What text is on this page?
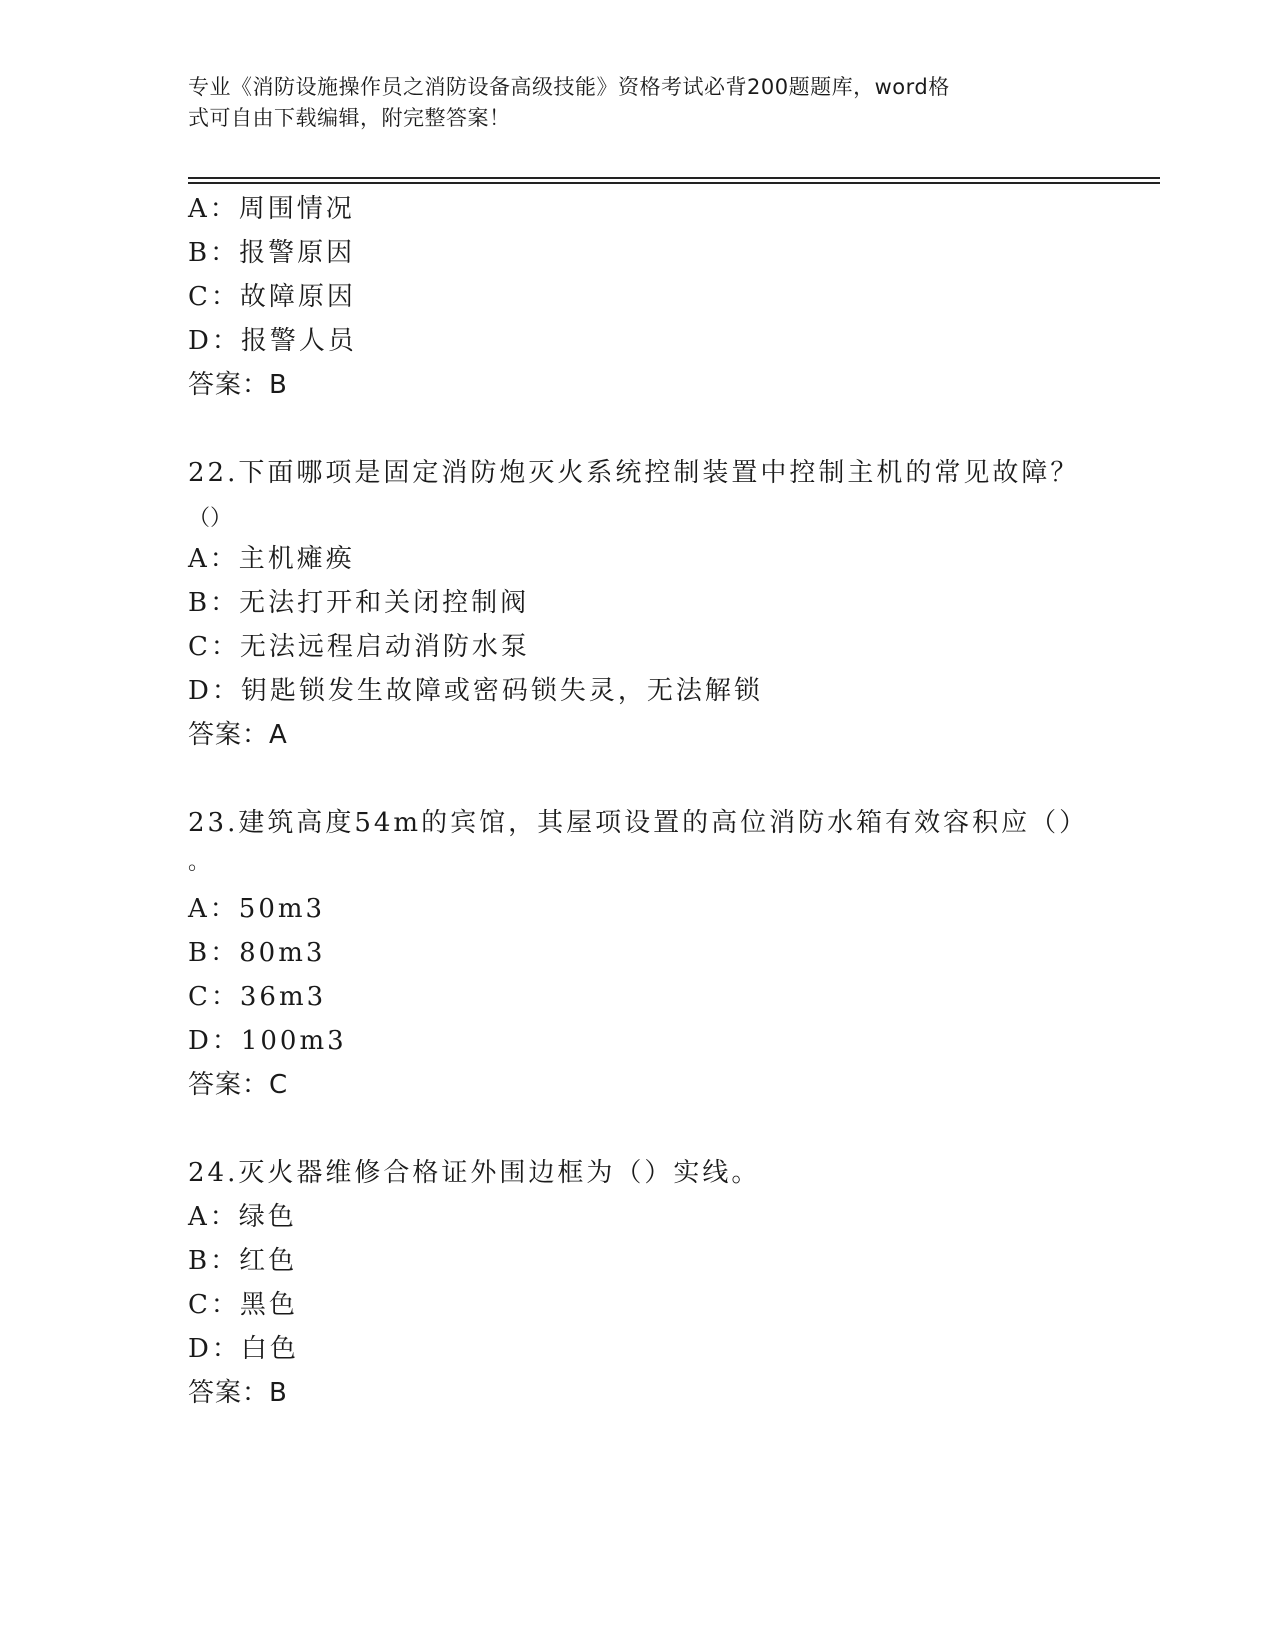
专业《消防设施操作员之消防设备高级技能》资格考试必背200题题库，word格
式可自由下载编辑，附完整答案！
A：周围情况
B：报警原因
C：故障原因
D：报警人员
答案：B
22.下面哪项是固定消防炮灭火系统控制装置中控制主机的常见故障？
（）
A：主机瘫痪
B：无法打开和关闭控制阀
C：无法远程启动消防水泵
D：钥匙锁发生故障或密码锁失灵，无法解锁
答案：A
23.建筑高度54m的宾馆，其屋项设置的高位消防水箱有效容积应（）
。
A：50m3
B：80m3
C：36m3
D：100m3
答案：C
24.灭火器维修合格证外围边框为（）实线。
A：绿色
B：红色
C：黑色
D：白色
答案：B
